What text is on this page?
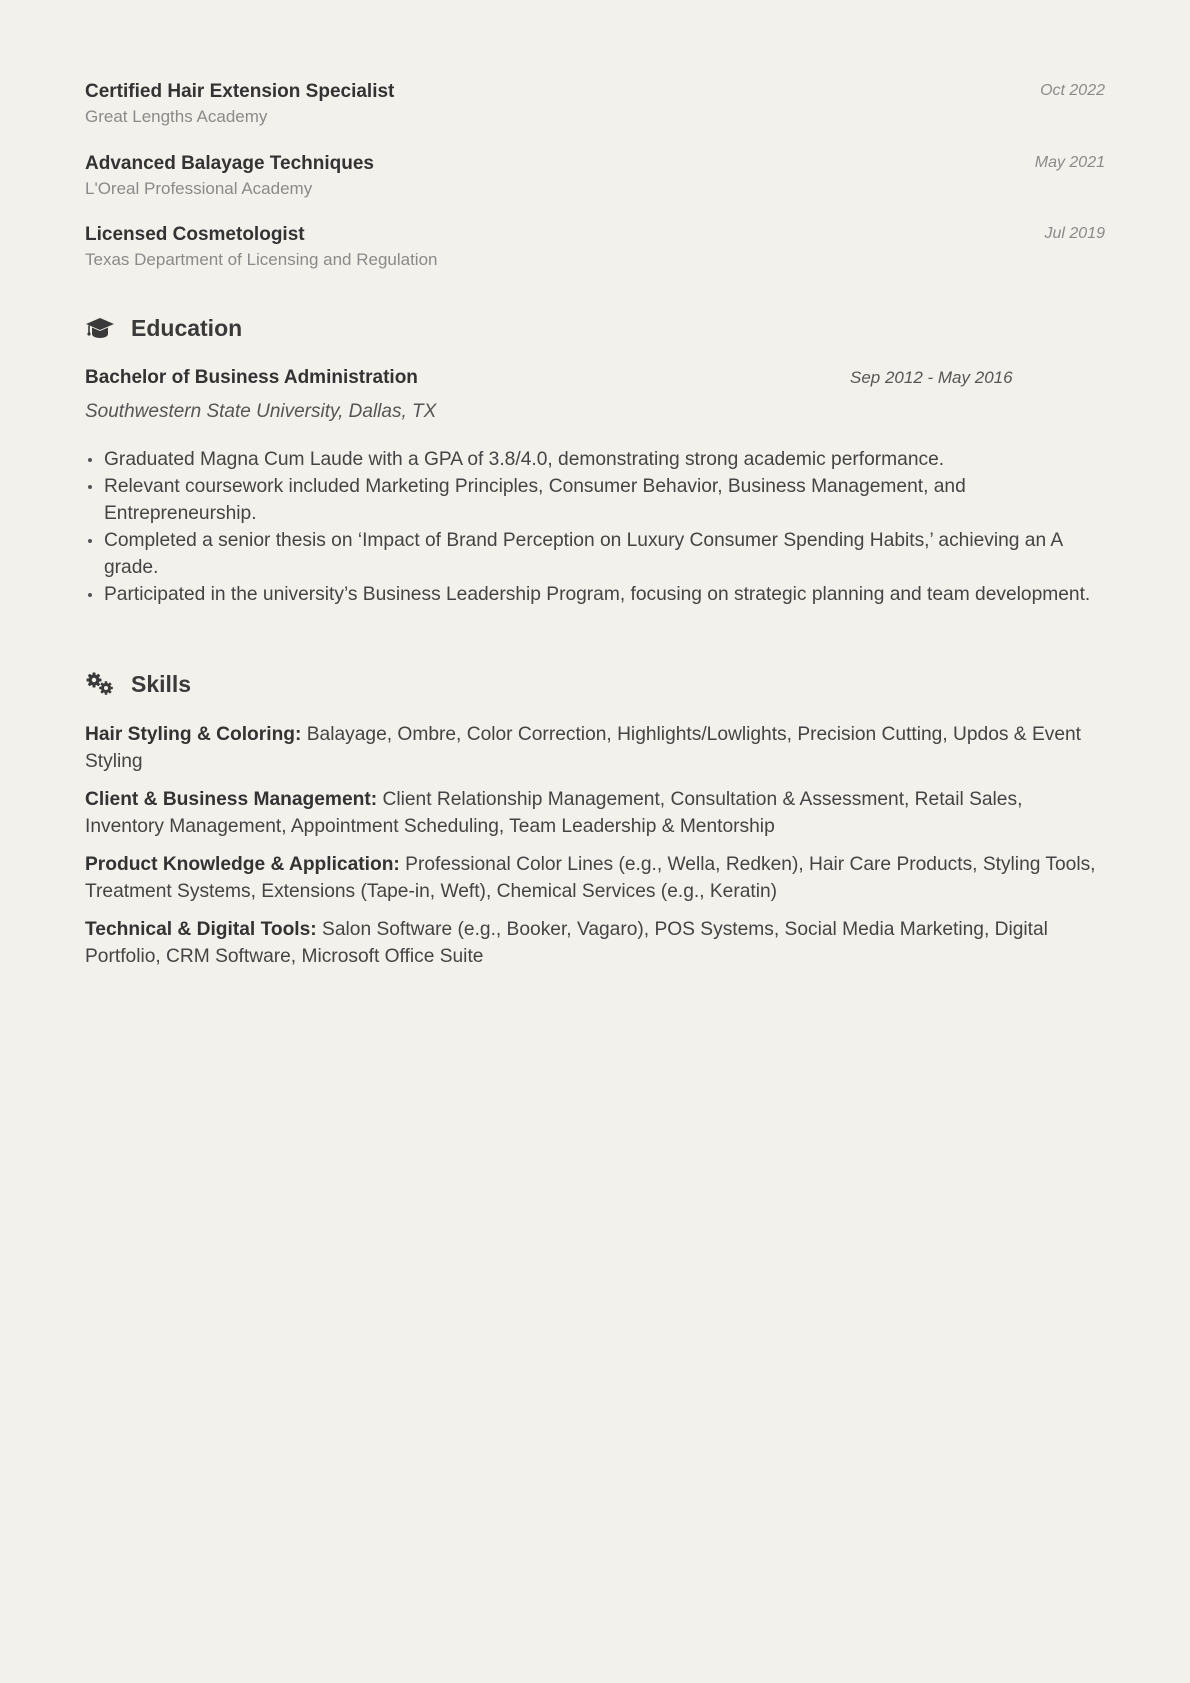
Certified Hair Extension Specialist
Great Lengths Academy
Oct 2022
Advanced Balayage Techniques
L'Oreal Professional Academy
May 2021
Licensed Cosmetologist
Texas Department of Licensing and Regulation
Jul 2019
Education
Bachelor of Business Administration	Sep 2012 - May 2016
Southwestern State University, Dallas, TX
Graduated Magna Cum Laude with a GPA of 3.8/4.0, demonstrating strong academic performance.
Relevant coursework included Marketing Principles, Consumer Behavior, Business Management, and Entrepreneurship.
Completed a senior thesis on ‘Impact of Brand Perception on Luxury Consumer Spending Habits,’ achieving an A grade.
Participated in the university’s Business Leadership Program, focusing on strategic planning and team development.
Skills
Hair Styling & Coloring: Balayage, Ombre, Color Correction, Highlights/Lowlights, Precision Cutting, Updos & Event Styling
Client & Business Management: Client Relationship Management, Consultation & Assessment, Retail Sales, Inventory Management, Appointment Scheduling, Team Leadership & Mentorship
Product Knowledge & Application: Professional Color Lines (e.g., Wella, Redken), Hair Care Products, Styling Tools, Treatment Systems, Extensions (Tape-in, Weft), Chemical Services (e.g., Keratin)
Technical & Digital Tools: Salon Software (e.g., Booker, Vagaro), POS Systems, Social Media Marketing, Digital Portfolio, CRM Software, Microsoft Office Suite
